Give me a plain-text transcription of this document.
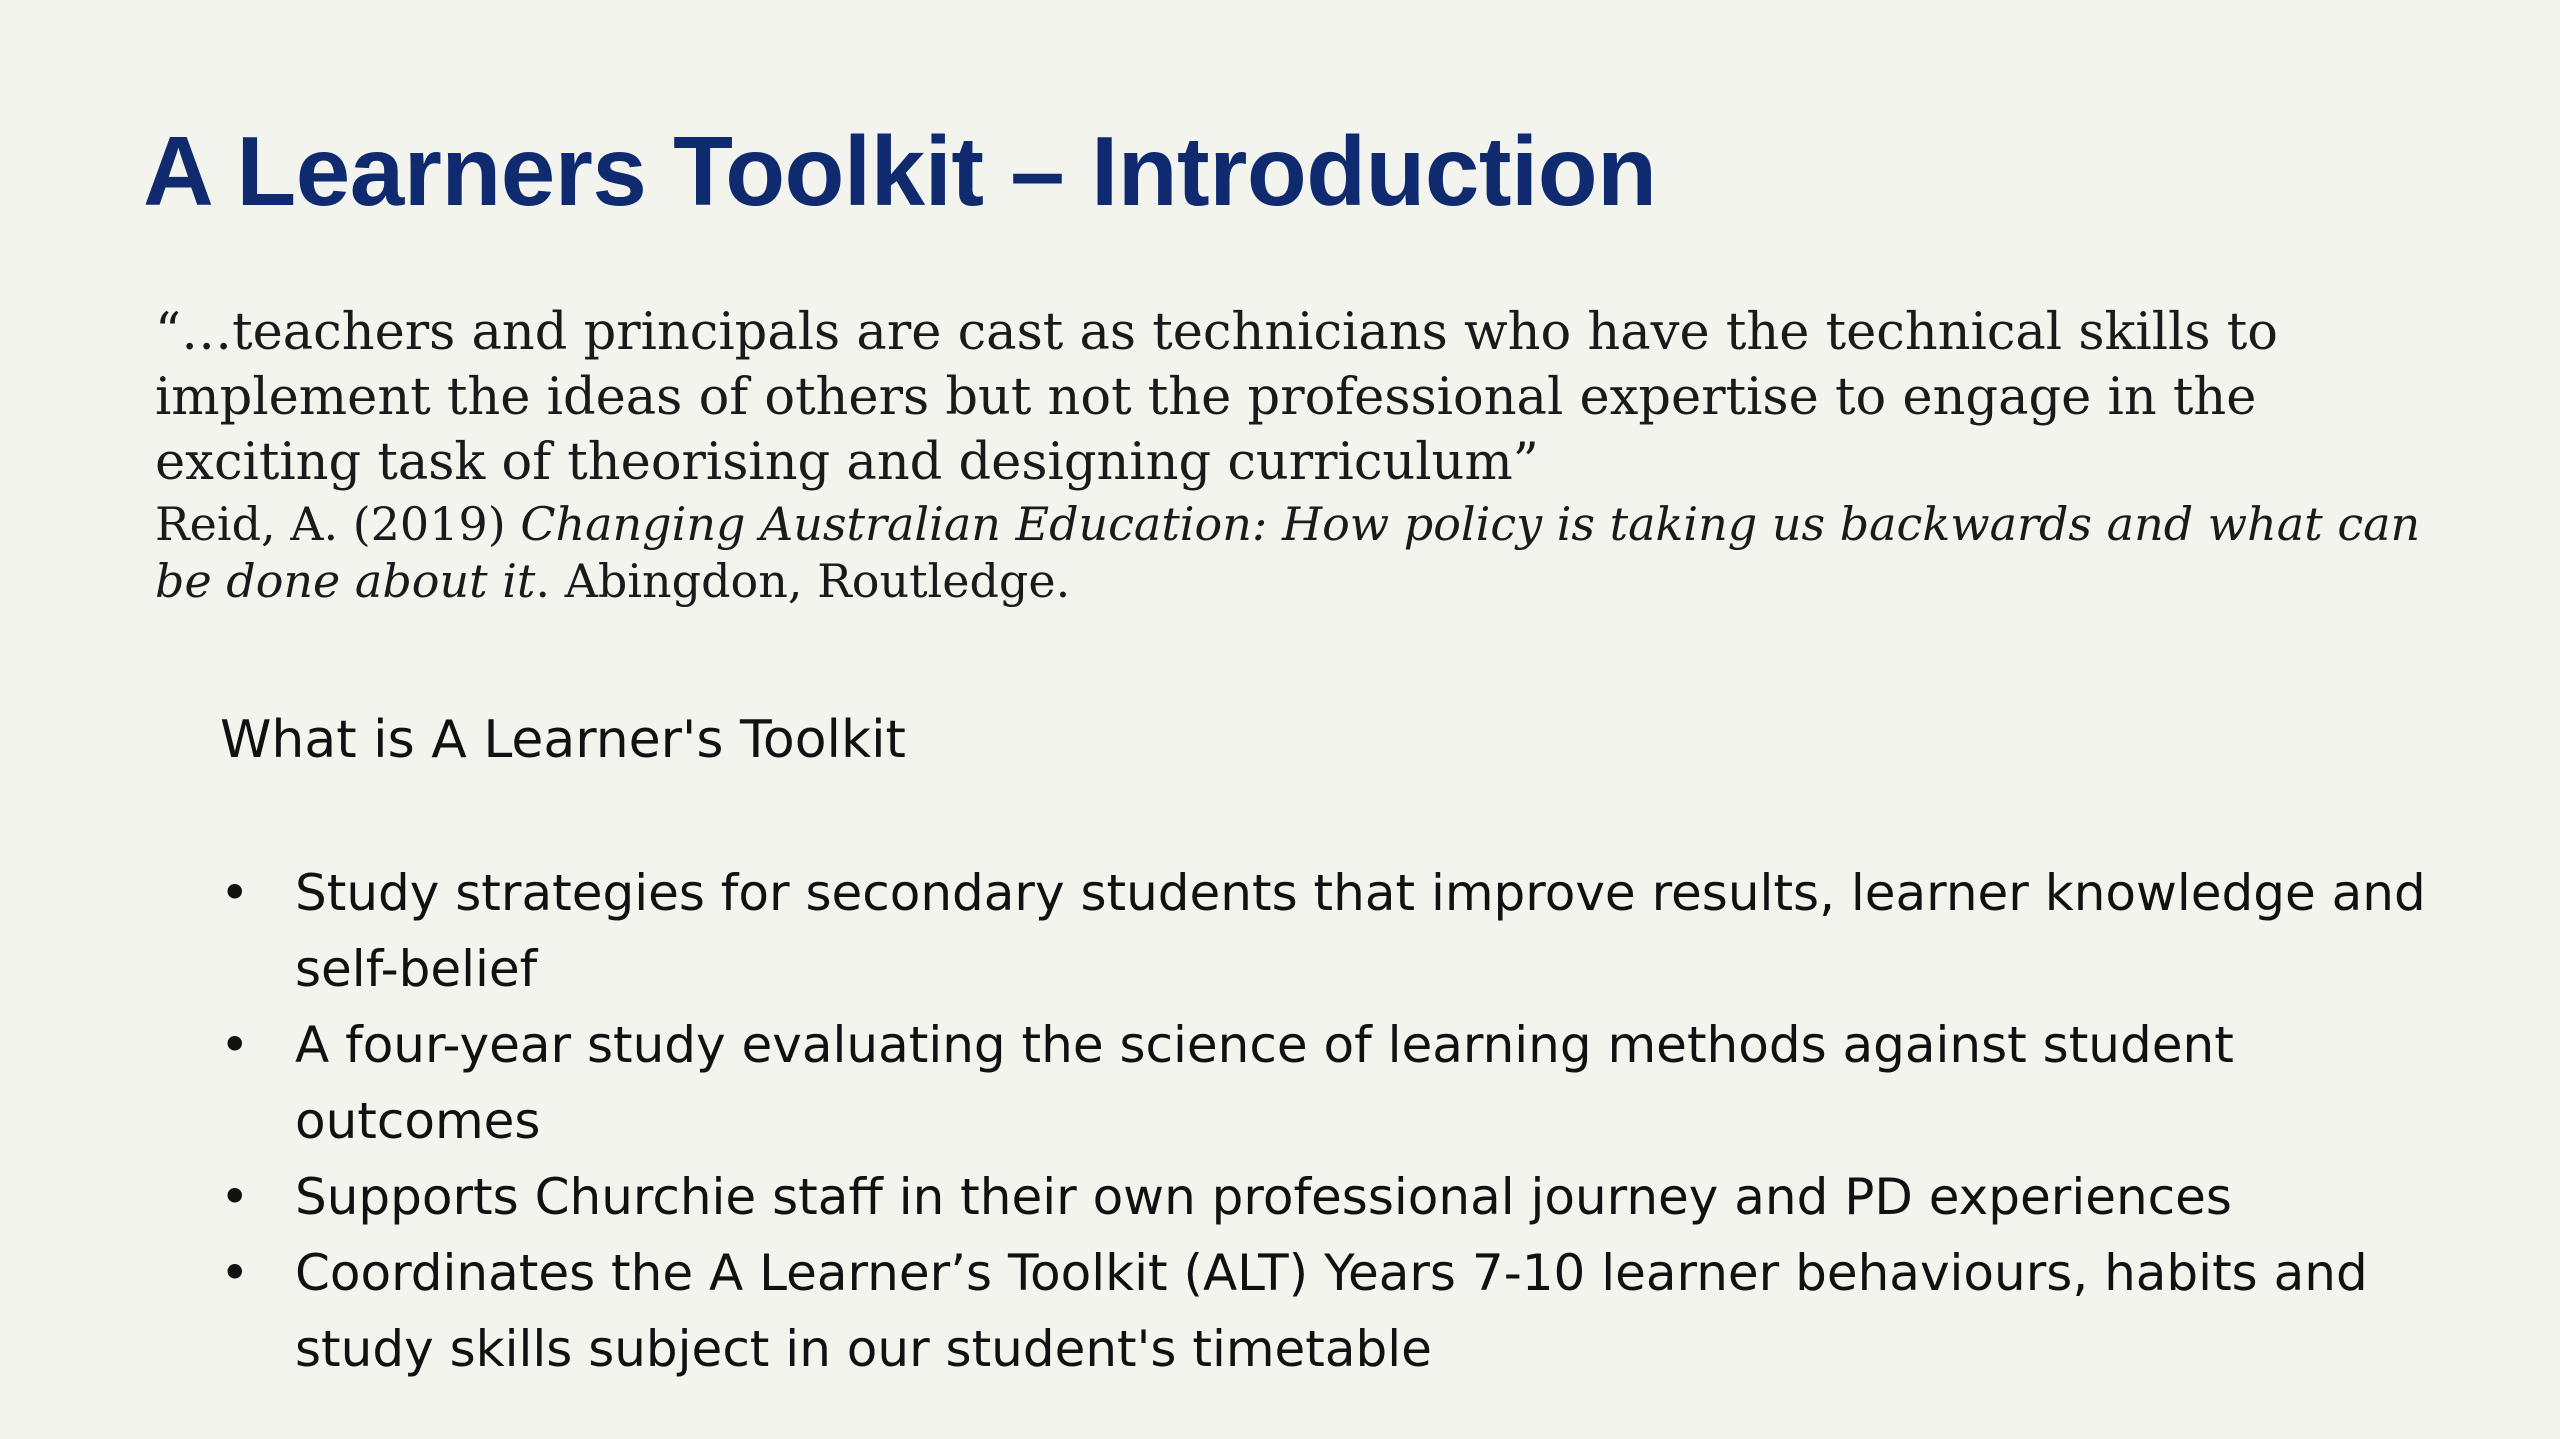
A Learners Toolkit – Introduction

“…teachers and principals are cast as technicians who have the technical skills to implement the ideas of others but not the professional expertise to engage in the exciting task of theorising and designing curriculum”

Reid, A. (2019) Changing Australian Education: How policy is taking us backwards and what can be done about it. Abingdon, Routledge.

What is A Learner's Toolkit

• Study strategies for secondary students that improve results, learner knowledge and self-belief
• A four-year study evaluating the science of learning methods against student outcomes
• Supports Churchie staff in their own professional journey and PD experiences
• Coordinates the A Learner’s Toolkit (ALT) Years 7-10 learner behaviours, habits and study skills subject in our student's timetable
